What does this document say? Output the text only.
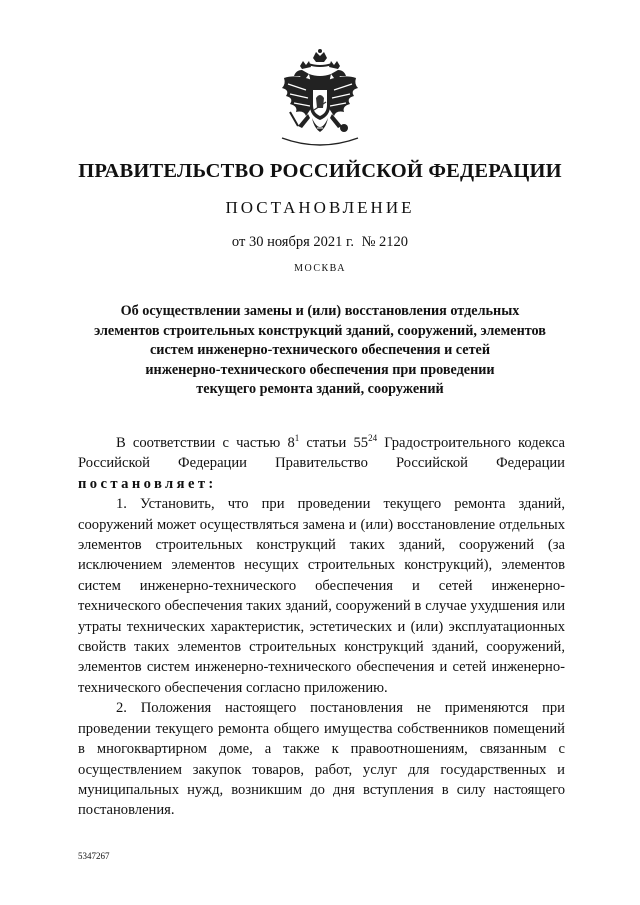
ПРАВИТЕЛЬСТВО РОССИЙСКОЙ ФЕДЕРАЦИИ
ПОСТАНОВЛЕНИЕ
от 30 ноября 2021 г. № 2120
МОСКВА
Об осуществлении замены и (или) восстановления отдельных
элементов строительных конструкций зданий, сооружений, элементов
систем инженерно-технического обеспечения и сетей
инженерно-технического обеспечения при проведении
текущего ремонта зданий, сооружений

В соответствии с частью $8^1$ статьи $55^{24}$ Градостроительного кодекса Российской Федерации Правительство Российской Федерации постановляет:

1. Установить, что при проведении текущего ремонта зданий, сооружений может осуществляться замена и (или) восстановление отдельных элементов строительных конструкций таких зданий, сооружений (за исключением элементов несущих строительных конструкций), элементов систем инженерно-технического обеспечения и сетей инженерно-технического обеспечения таких зданий, сооружений в случае ухудшения или утраты технических характеристик, эстетических и (или) эксплуатационных свойств таких элементов строительных конструкций зданий, сооружений, элементов систем инженерно-технического обеспечения и сетей инженерно-технического обеспечения согласно приложению.

2. Положения настоящего постановления не применяются при проведении текущего ремонта общего имущества собственников помещений в многоквартирном доме, а также к правоотношениям, связанным с осуществлением закупок товаров, работ, услуг для государственных и муниципальных нужд, возникшим до дня вступления в силу настоящего постановления.

5347267
